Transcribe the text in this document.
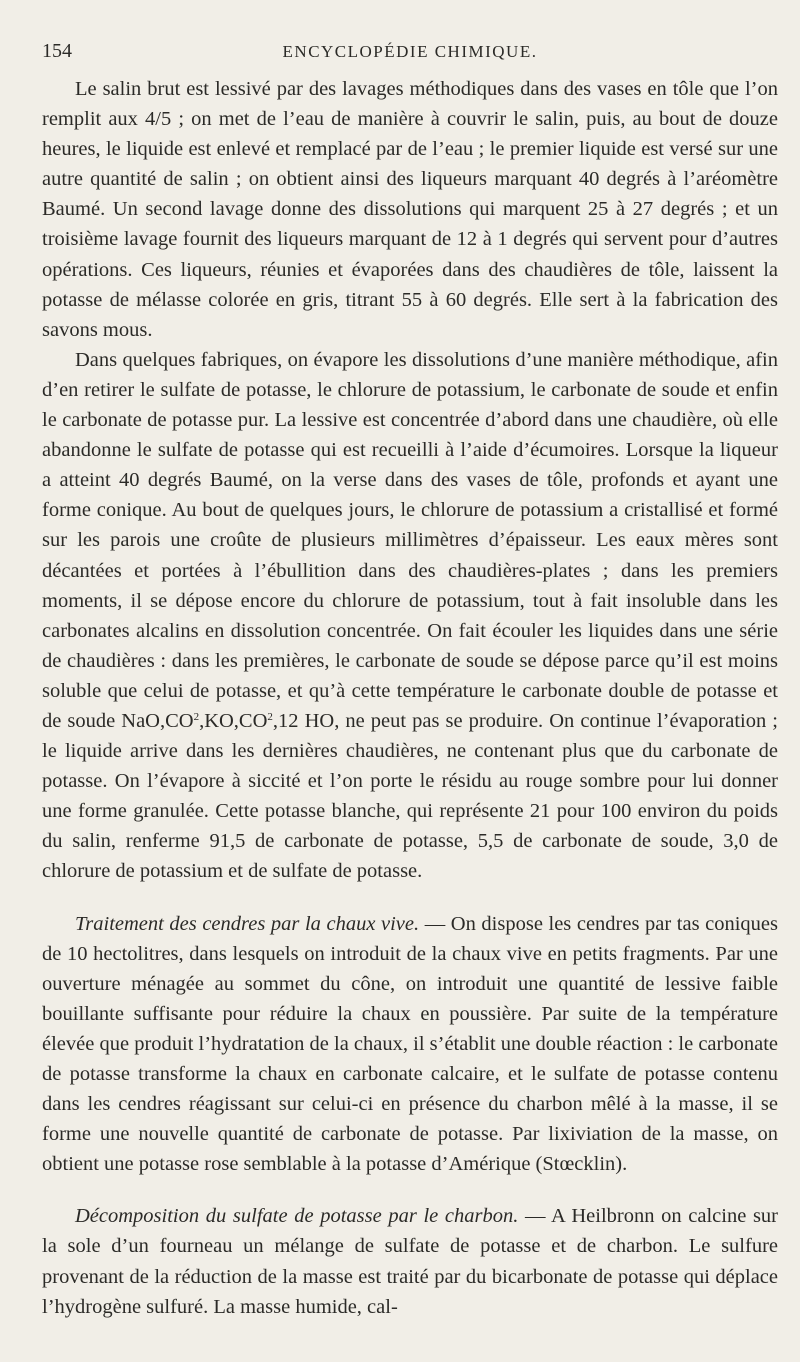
154	ENCYCLOPÉDIE CHIMIQUE.

Le salin brut est lessivé par des lavages méthodiques dans des vases en tôle que l’on remplit aux 4/5 ; on met de l’eau de manière à couvrir le salin, puis, au bout de douze heures, le liquide est enlevé et remplacé par de l’eau ; le premier liquide est versé sur une autre quantité de salin ; on obtient ainsi des liqueurs marquant 40 degrés à l’aréomètre Baumé. Un second lavage donne des dissolutions qui marquent 25 à 27 degrés ; et un troisième lavage fournit des liqueurs marquant de 12 à 1 degrés qui servent pour d’autres opérations. Ces liqueurs, réunies et évaporées dans des chaudières de tôle, laissent la potasse de mélasse colorée en gris, titrant 55 à 60 degrés. Elle sert à la fabrication des savons mous.

Dans quelques fabriques, on évapore les dissolutions d’une manière méthodique, afin d’en retirer le sulfate de potasse, le chlorure de potassium, le carbonate de soude et enfin le carbonate de potasse pur. La lessive est concentrée d’abord dans une chaudière, où elle abandonne le sulfate de potasse qui est recueilli à l’aide d’écumoires. Lorsque la liqueur a atteint 40 degrés Baumé, on la verse dans des vases de tôle, profonds et ayant une forme conique. Au bout de quelques jours, le chlorure de potassium a cristallisé et formé sur les parois une croûte de plusieurs millimètres d’épaisseur. Les eaux mères sont décantées et portées à l’ébullition dans des chaudières-plates ; dans les premiers moments, il se dépose encore du chlorure de potassium, tout à fait insoluble dans les carbonates alcalins en dissolution concentrée. On fait écouler les liquides dans une série de chaudières : dans les premières, le carbonate de soude se dépose parce qu’il est moins soluble que celui de potasse, et qu’à cette température le carbonate double de potasse et de soude $NaO,CO^2,KO,CO^2,12$ HO, ne peut pas se produire. On continue l’évaporation ; le liquide arrive dans les dernières chaudières, ne contenant plus que du carbonate de potasse. On l’évapore à siccité et l’on porte le résidu au rouge sombre pour lui donner une forme granulée. Cette potasse blanche, qui représente 21 pour 100 environ du poids du salin, renferme 91,5 de carbonate de potasse, 5,5 de carbonate de soude, 3,0 de chlorure de potassium et de sulfate de potasse.

Traitement des cendres par la chaux vive. — On dispose les cendres par tas coniques de 10 hectolitres, dans lesquels on introduit de la chaux vive en petits fragments. Par une ouverture ménagée au sommet du cône, on introduit une quantité de lessive faible bouillante suffisante pour réduire la chaux en poussière. Par suite de la température élevée que produit l’hydratation de la chaux, il s’établit une double réaction : le carbonate de potasse transforme la chaux en carbonate calcaire, et le sulfate de potasse contenu dans les cendres réagissant sur celui-ci en présence du charbon mêlé à la masse, il se forme une nouvelle quantité de carbonate de potasse. Par lixiviation de la masse, on obtient une potasse rose semblable à la potasse d’Amérique (Stœcklin).

Décomposition du sulfate de potasse par le charbon. — A Heilbronn on calcine sur la sole d’un fourneau un mélange de sulfate de potasse et de charbon. Le sulfure provenant de la réduction de la masse est traité par du bicarbonate de potasse qui déplace l’hydrogène sulfuré. La masse humide, cal-
